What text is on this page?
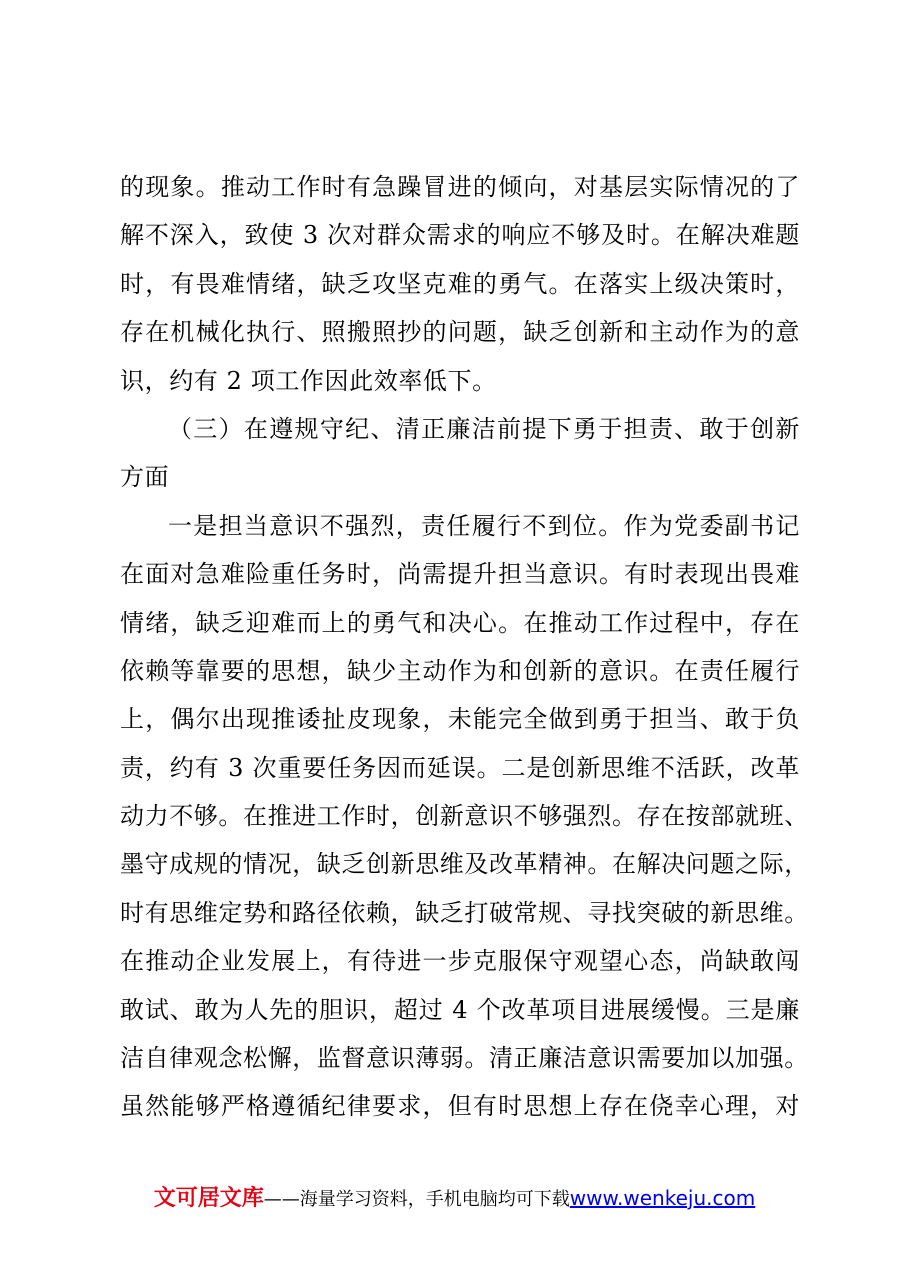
的现象。推动工作时有急躁冒进的倾向，对基层实际情况的了
解不深入，致使 3 次对群众需求的响应不够及时。在解决难题
时，有畏难情绪，缺乏攻坚克难的勇气。在落实上级决策时，
存在机械化执行、照搬照抄的问题，缺乏创新和主动作为的意
识，约有 2 项工作因此效率低下。
（三）在遵规守纪、清正廉洁前提下勇于担责、敢于创新
方面
一是担当意识不强烈，责任履行不到位。作为党委副书记
在面对急难险重任务时，尚需提升担当意识。有时表现出畏难
情绪，缺乏迎难而上的勇气和决心。在推动工作过程中，存在
依赖等靠要的思想，缺少主动作为和创新的意识。在责任履行
上，偶尔出现推诿扯皮现象，未能完全做到勇于担当、敢于负
责，约有 3 次重要任务因而延误。二是创新思维不活跃，改革
动力不够。在推进工作时，创新意识不够强烈。存在按部就班、
墨守成规的情况，缺乏创新思维及改革精神。在解决问题之际，
时有思维定势和路径依赖，缺乏打破常规、寻找突破的新思维。
在推动企业发展上，有待进一步克服保守观望心态，尚缺敢闯
敢试、敢为人先的胆识，超过 4 个改革项目进展缓慢。三是廉
洁自律观念松懈，监督意识薄弱。清正廉洁意识需要加以加强。
虽然能够严格遵循纪律要求，但有时思想上存在侥幸心理，对
文可居文库——海量学习资料，手机电脑均可下载www.wenkeju.com
